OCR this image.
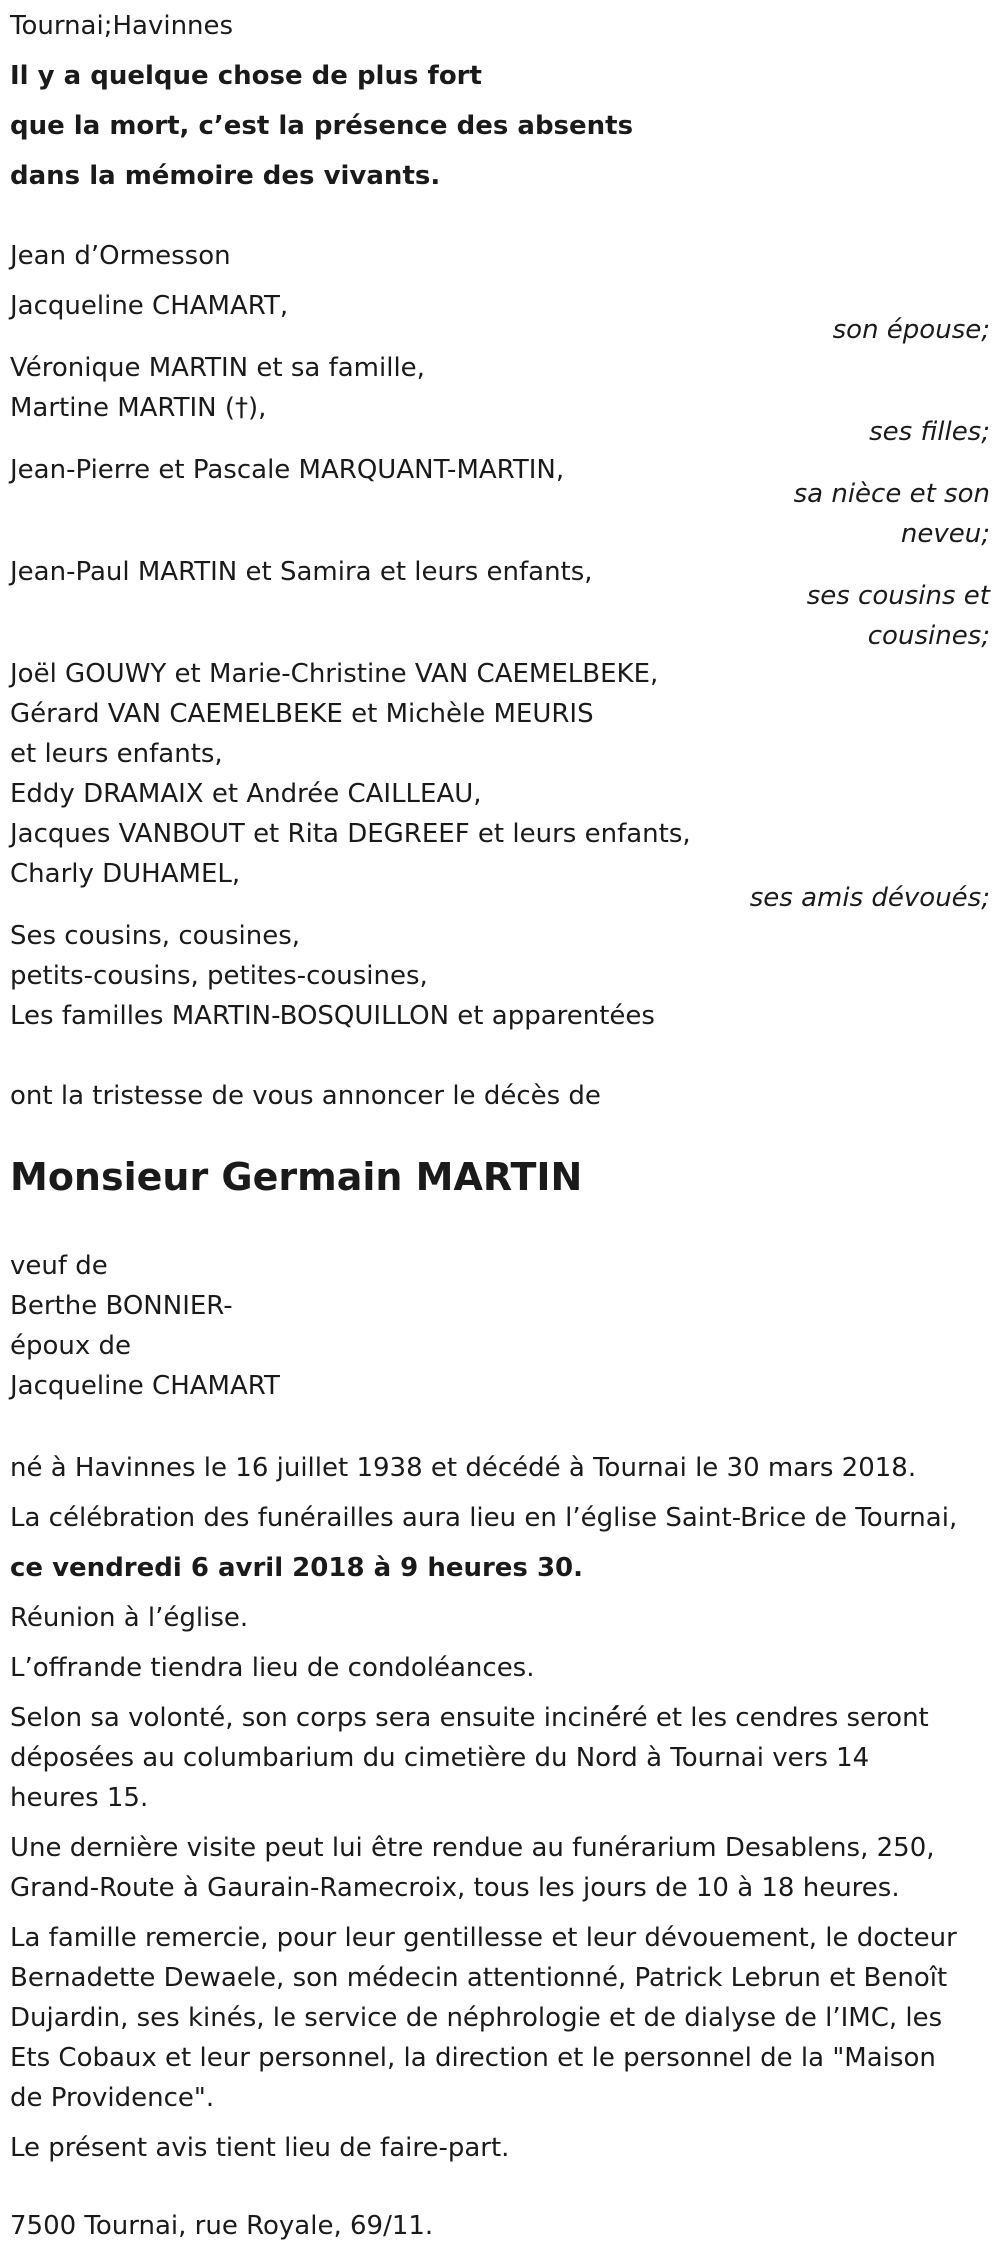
Tournai;Havinnes
Il y a quelque chose de plus fort
que la mort, c’est la présence des absents
dans la mémoire des vivants.
Jean d’Ormesson
Jacqueline CHAMART,
son épouse;
Véronique MARTIN et sa famille,
Martine MARTIN (†),
ses filles;
Jean-Pierre et Pascale MARQUANT-MARTIN,
sa nièce et son
neveu;
Jean-Paul MARTIN et Samira et leurs enfants,
ses cousins et
cousines;
Joël GOUWY et Marie-Christine VAN CAEMELBEKE,
Gérard VAN CAEMELBEKE et Michèle MEURIS
et leurs enfants,
Eddy DRAMAIX et Andrée CAILLEAU,
Jacques VANBOUT et Rita DEGREEF et leurs enfants,
Charly DUHAMEL,
ses amis dévoués;
Ses cousins, cousines,
petits-cousins, petites-cousines,
Les familles MARTIN-BOSQUILLON et apparentées
ont la tristesse de vous annoncer le décès de
Monsieur Germain MARTIN
veuf de
Berthe BONNIER-
époux de
Jacqueline CHAMART
né à Havinnes le 16 juillet 1938 et décédé à Tournai le 30 mars 2018.
La célébration des funérailles aura lieu en l’église Saint-Brice de Tournai,
ce vendredi 6 avril 2018 à 9 heures 30.
Réunion à l’église.
L’offrande tiendra lieu de condoléances.
Selon sa volonté, son corps sera ensuite inciné́ré et les cendres seront
déposées au columbarium du cimetière du Nord à Tournai vers 14
heures 15.
Une dernière visite peut lui être rendue au funérarium Desablens, 250,
Grand-Route à Gaurain-Ramecroix, tous les jours de 10 à 18 heures.
La famille remercie, pour leur gentillesse et leur dévouement, le docteur
Bernadette Dewaele, son médecin attentionné, Patrick Lebrun et Benoît
Dujardin, ses kinés, le service de néphrologie et de dialyse de l’IMC, les
Ets Cobaux et leur personnel, la direction et le personnel de la "Maison
de Providence".
Le présent avis tient lieu de faire-part.
7500 Tournai, rue Royale, 69/11.
